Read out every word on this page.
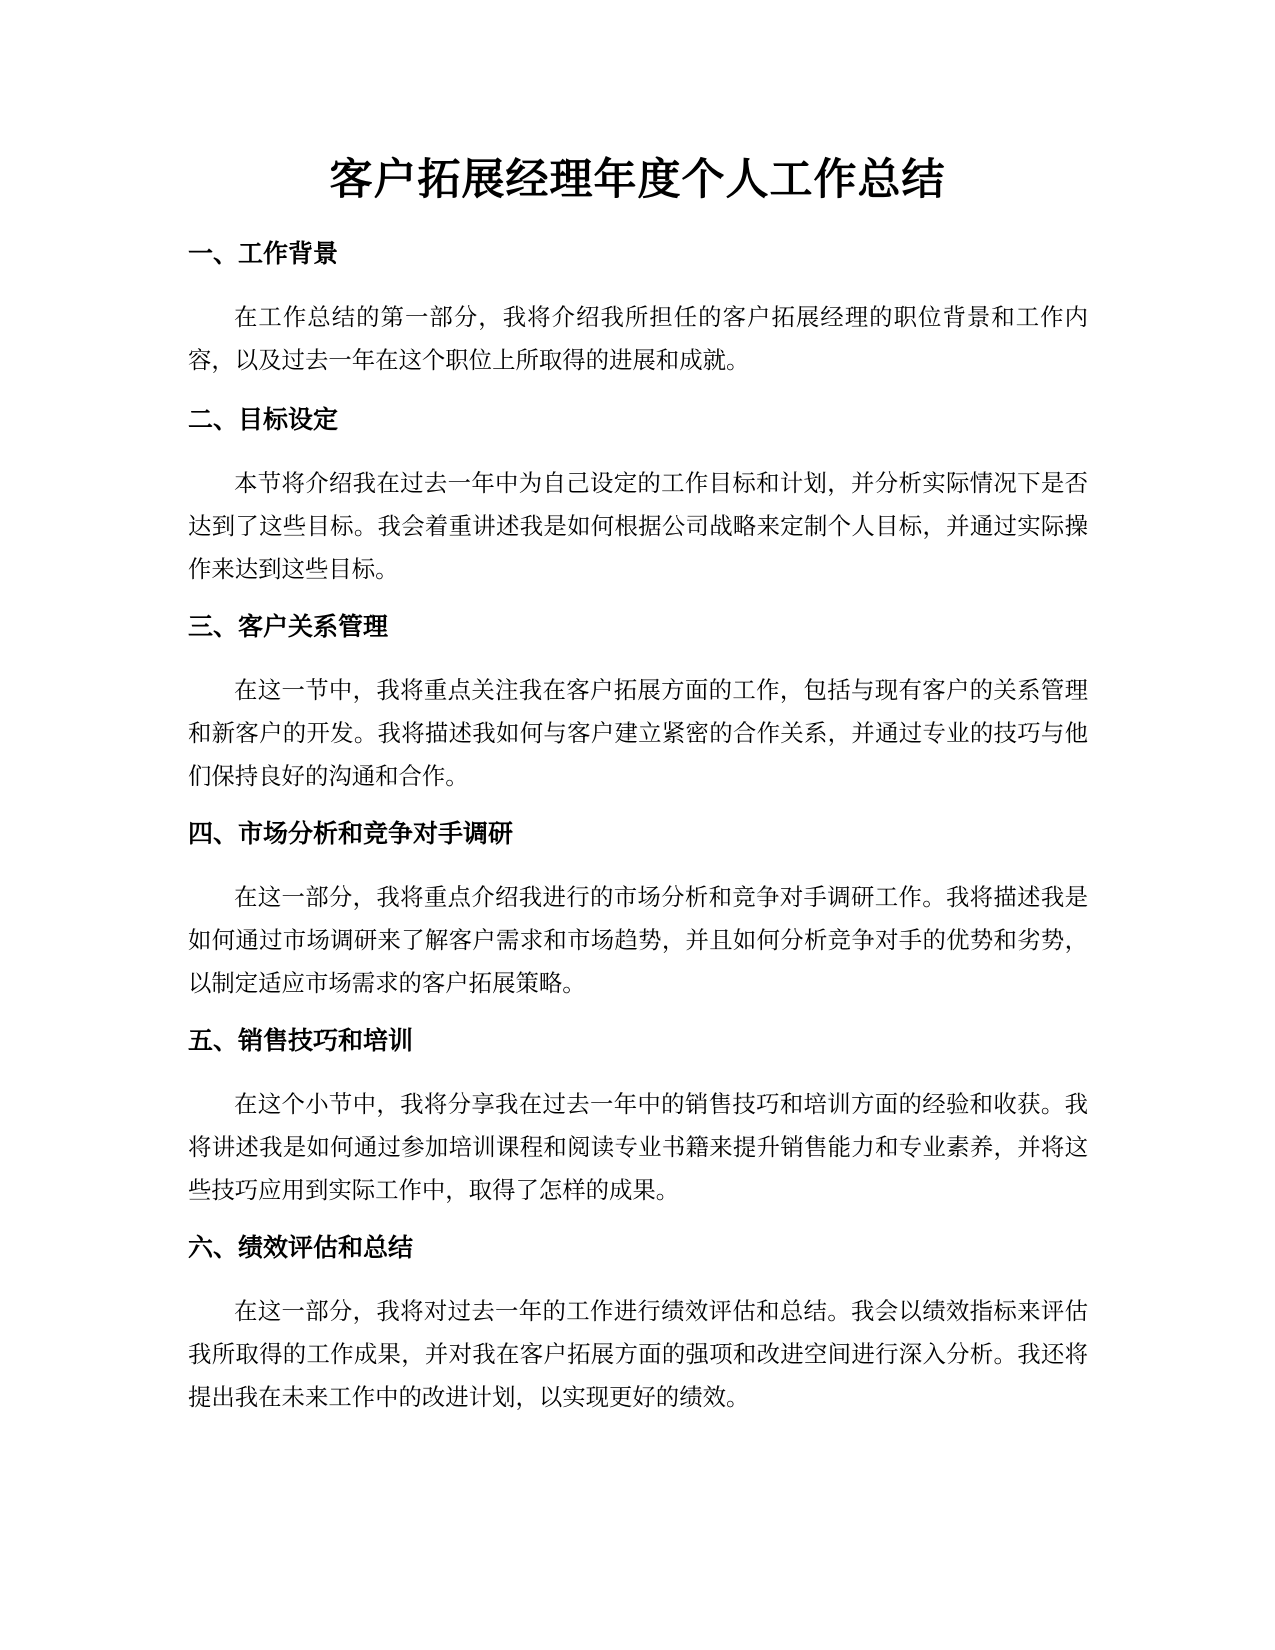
客户拓展经理年度个人工作总结
一、工作背景

在工作总结的第一部分，我将介绍我所担任的客户拓展经理的职位背景和工作内容，以及过去一年在这个职位上所取得的进展和成就。

二、目标设定

本节将介绍我在过去一年中为自己设定的工作目标和计划，并分析实际情况下是否达到了这些目标。我会着重讲述我是如何根据公司战略来定制个人目标，并通过实际操作来达到这些目标。

三、客户关系管理

在这一节中，我将重点关注我在客户拓展方面的工作，包括与现有客户的关系管理和新客户的开发。我将描述我如何与客户建立紧密的合作关系，并通过专业的技巧与他们保持良好的沟通和合作。

四、市场分析和竞争对手调研

在这一部分，我将重点介绍我进行的市场分析和竞争对手调研工作。我将描述我是如何通过市场调研来了解客户需求和市场趋势，并且如何分析竞争对手的优势和劣势，以制定适应市场需求的客户拓展策略。

五、销售技巧和培训

在这个小节中，我将分享我在过去一年中的销售技巧和培训方面的经验和收获。我将讲述我是如何通过参加培训课程和阅读专业书籍来提升销售能力和专业素养，并将这些技巧应用到实际工作中，取得了怎样的成果。

六、绩效评估和总结

在这一部分，我将对过去一年的工作进行绩效评估和总结。我会以绩效指标来评估我所取得的工作成果，并对我在客户拓展方面的强项和改进空间进行深入分析。我还将提出我在未来工作中的改进计划，以实现更好的绩效。
